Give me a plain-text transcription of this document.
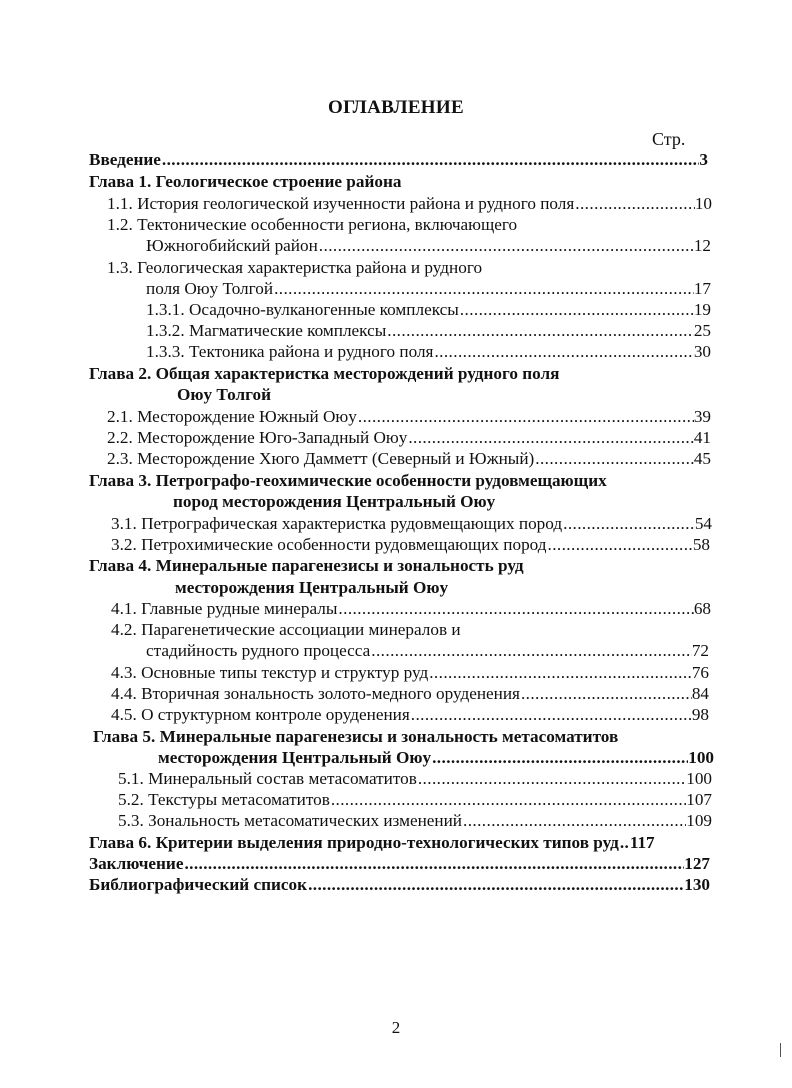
ОГЛАВЛЕНИЕ
Стр.
Введение .....	3
Глава 1. Геологическое строение района
1.1. История геологической изученности района и рудного поля .....	10
1.2. Тектонические особенности региона, включающего
Южногобийский район .....	12
1.3. Геологическая характеристка района и рудного
поля Оюу Толгой .....	17
1.3.1. Осадочно-вулканогенные комплексы .....	19
1.3.2. Магматические комплексы .....	25
1.3.3. Тектоника района и рудного поля .....	30
Глава 2. Общая характеристка месторождений рудного поля
Оюу Толгой
2.1. Месторождение Южный Оюу .....	39
2.2. Месторождение Юго-Западный Оюу .....	41
2.3. Месторождение Хюго Дамметт (Северный и Южный) .....	45
Глава 3. Петрографо-геохимические особенности рудовмещающих
пород месторождения Центральный Оюу
3.1. Петрографическая характеристка рудовмещающих пород .....	54
3.2. Петрохимические особенности рудовмещающих пород .....	58
Глава 4. Минеральные парагенезисы и зональность руд
месторождения Центральный Оюу
4.1. Главные рудные минералы .....	68
4.2. Парагенетические ассоциации минералов и
стадийность рудного процесса .....	72
4.3. Основные типы текстур и структур руд .....	76
4.4. Вторичная зональность золото-медного оруденения .....	84
4.5. О структурном контроле оруденения .....	98
Глава 5. Минеральные парагенезисы и зональность метасоматитов
месторождения Центральный Оюу .....	100
5.1. Минеральный состав метасоматитов .....	100
5.2. Текстуры метасоматитов .....	107
5.3. Зональность метасоматических изменений .....	109
Глава 6. Критерии выделения природно-технологических типов руд ..... 117
Заключение .....	127
Библиографический список .....	130
2
